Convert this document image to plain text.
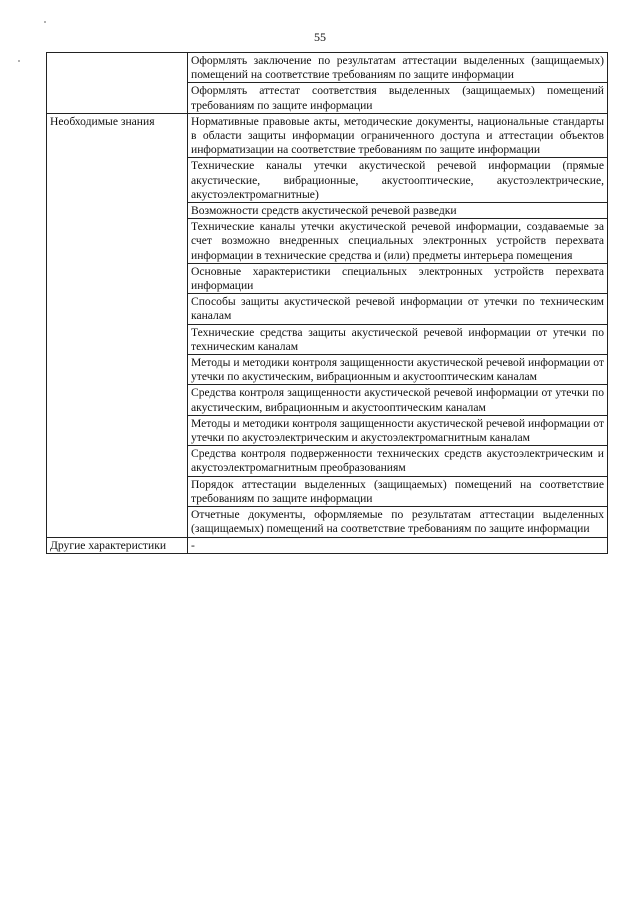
55
	Оформлять заключение по результатам аттестации выделенных (защищаемых) помещений на соответствие требованиям по защите информации
	Оформлять аттестат соответствия выделенных (защищаемых) помещений требованиям по защите информации
Необходимые знания	Нормативные правовые акты, методические документы, национальные стандарты в области защиты информации ограниченного доступа и аттестации объектов информатизации на соответствие требованиям по защите информации
	Технические каналы утечки акустической речевой информации (прямые акустические, вибрационные, акустооптические, акустоэлектрические, акустоэлектромагнитные)
	Возможности средств акустической речевой разведки
	Технические каналы утечки акустической речевой информации, создаваемые за счет возможно внедренных специальных электронных устройств перехвата информации в технические средства и (или) предметы интерьера помещения
	Основные характеристики специальных электронных устройств перехвата информации
	Способы защиты акустической речевой информации от утечки по техническим каналам
	Технические средства защиты акустической речевой информации от утечки по техническим каналам
	Методы и методики контроля защищенности акустической речевой информации от утечки по акустическим, вибрационным и акустооптическим каналам
	Средства контроля защищенности акустической речевой информации от утечки по акустическим, вибрационным и акустооптическим каналам
	Методы и методики контроля защищенности акустической речевой информации от утечки по акустоэлектрическим и акустоэлектромагнитным каналам
	Средства контроля подверженности технических средств акустоэлектрическим и акустоэлектромагнитным преобразованиям
	Порядок аттестации выделенных (защищаемых) помещений на соответствие требованиям по защите информации
	Отчетные документы, оформляемые по результатам аттестации выделенных (защищаемых) помещений на соответствие требованиям по защите информации
Другие характеристики	-
